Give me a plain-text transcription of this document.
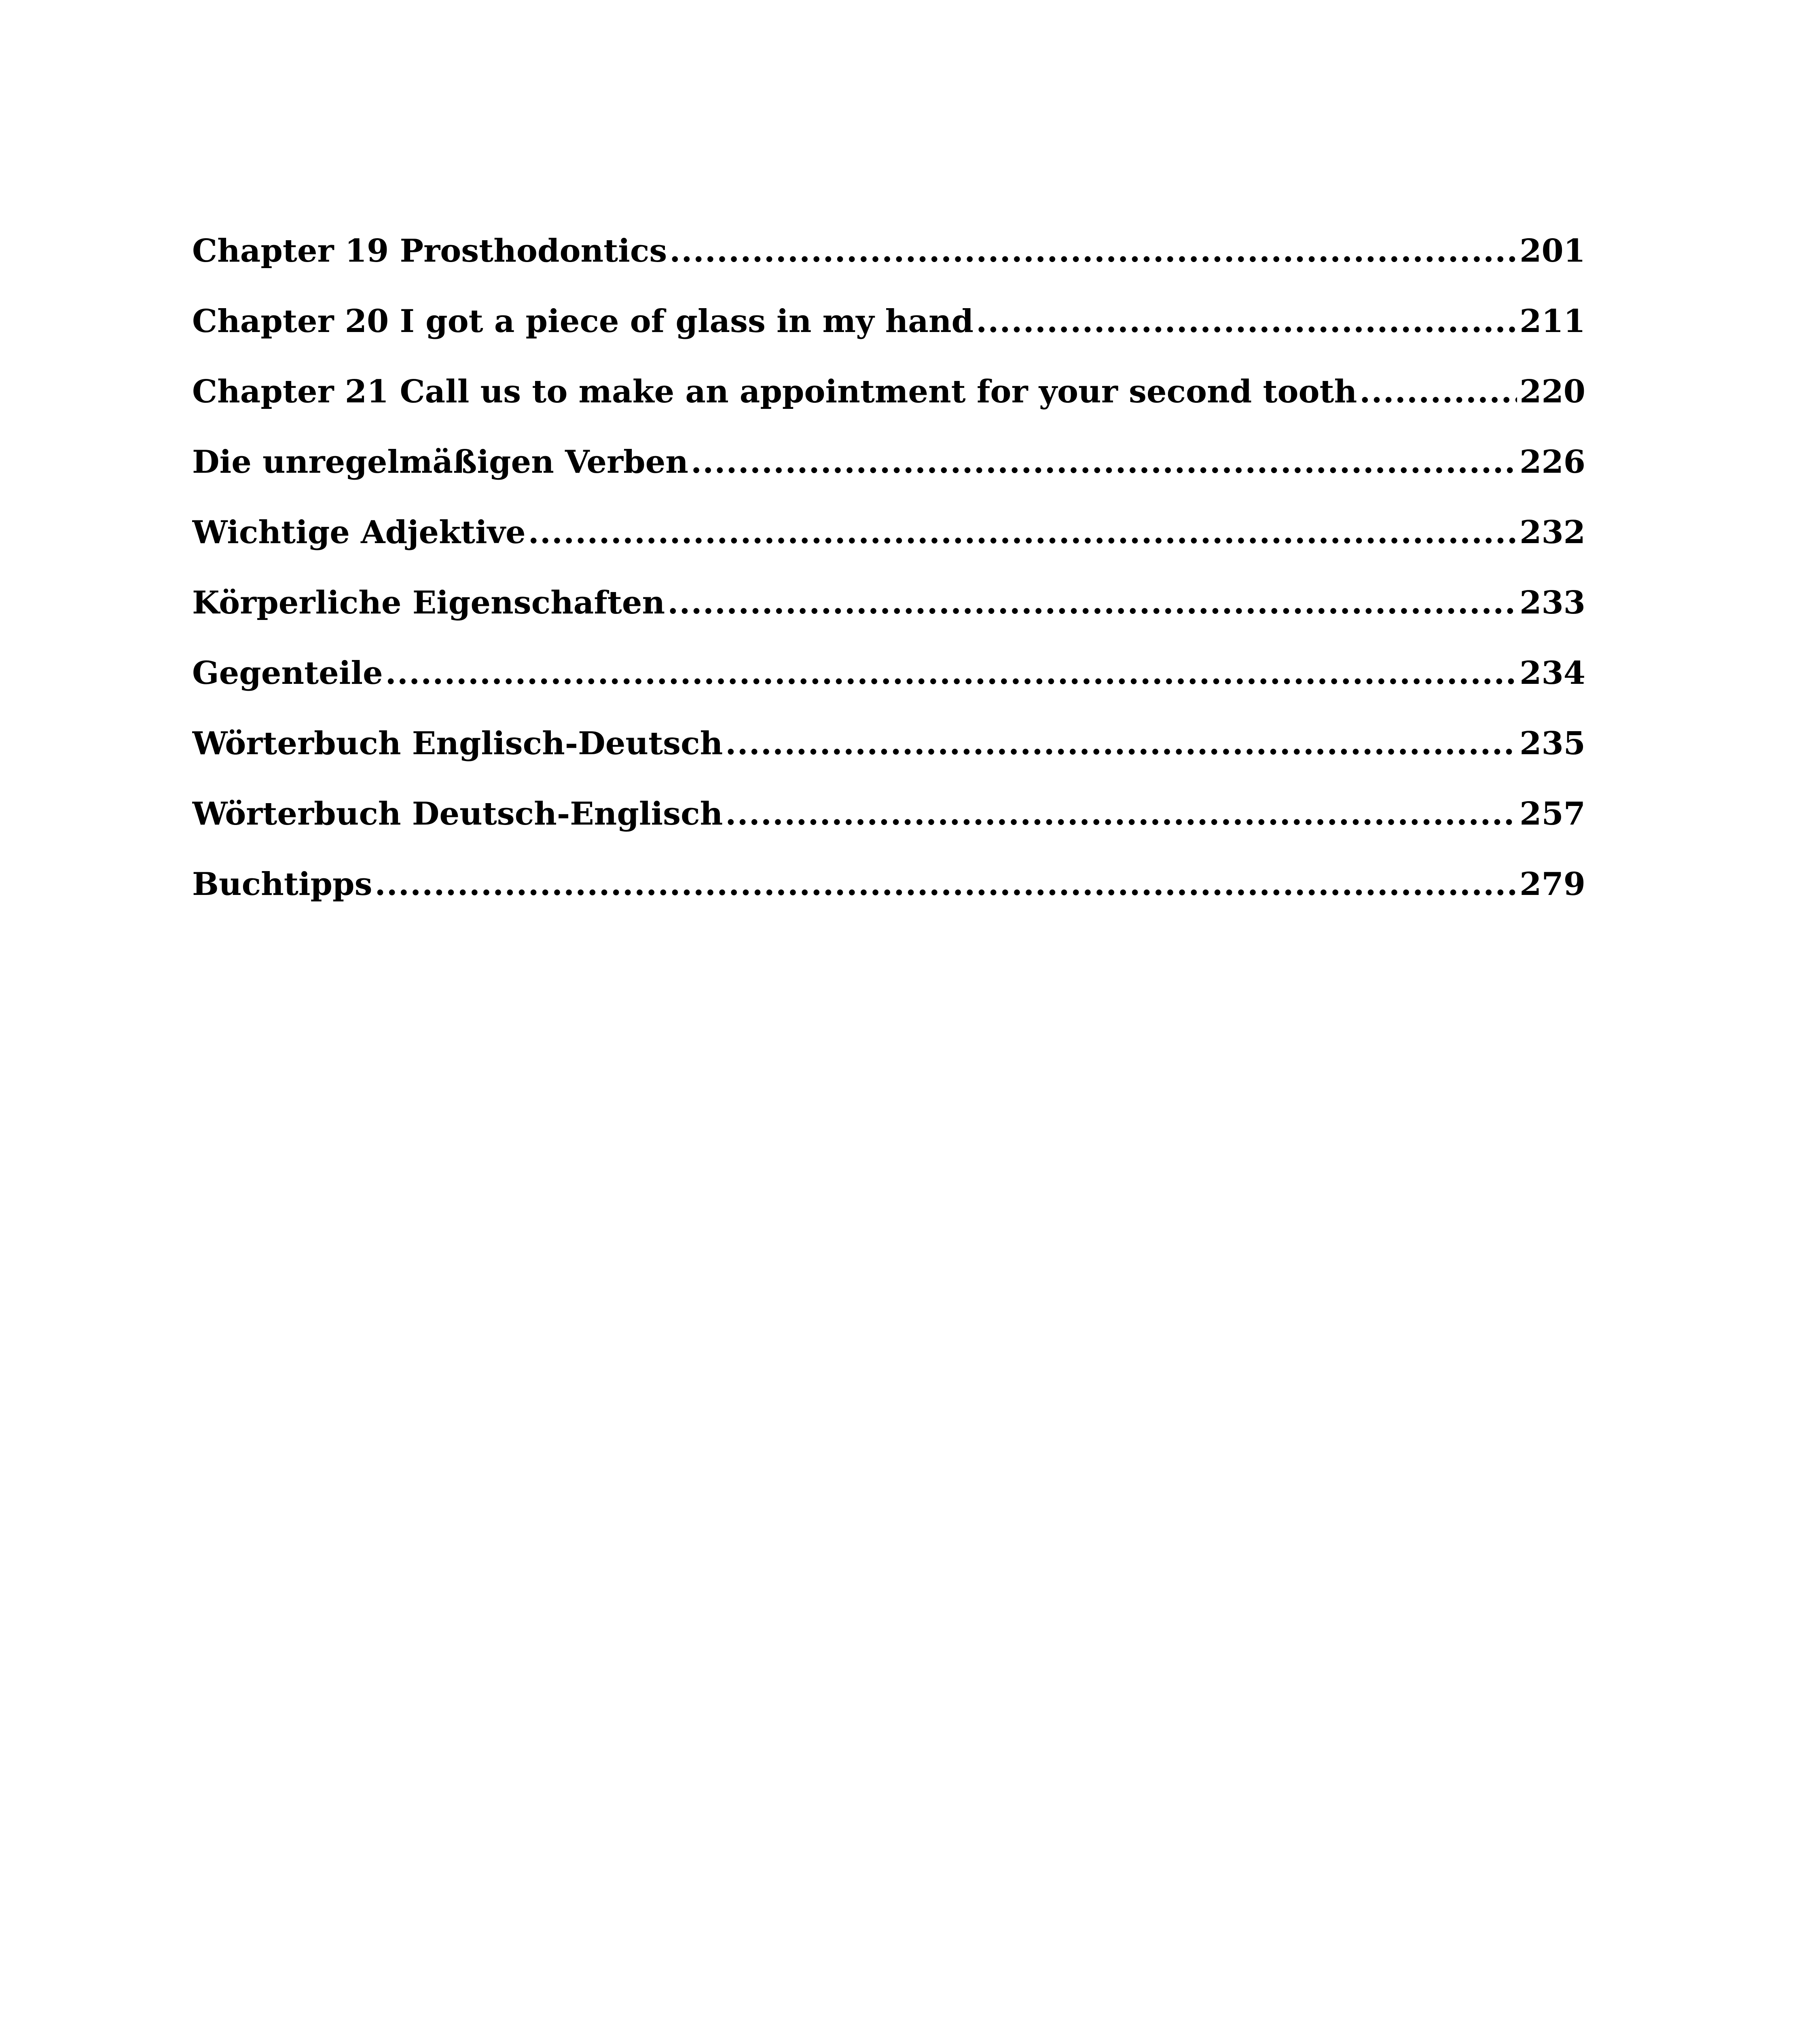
Chapter 19 Prosthodontics .....	201
Chapter 20 I got a piece of glass in my hand .....	211
Chapter 21 Call us to make an appointment for your second tooth .....	220
Die unregelmäßigen Verben .....	226
Wichtige Adjektive .....	232
Körperliche Eigenschaften .....	233
Gegenteile .....	234
Wörterbuch Englisch-Deutsch .....	235
Wörterbuch Deutsch-Englisch .....	257
Buchtipps .....	279
